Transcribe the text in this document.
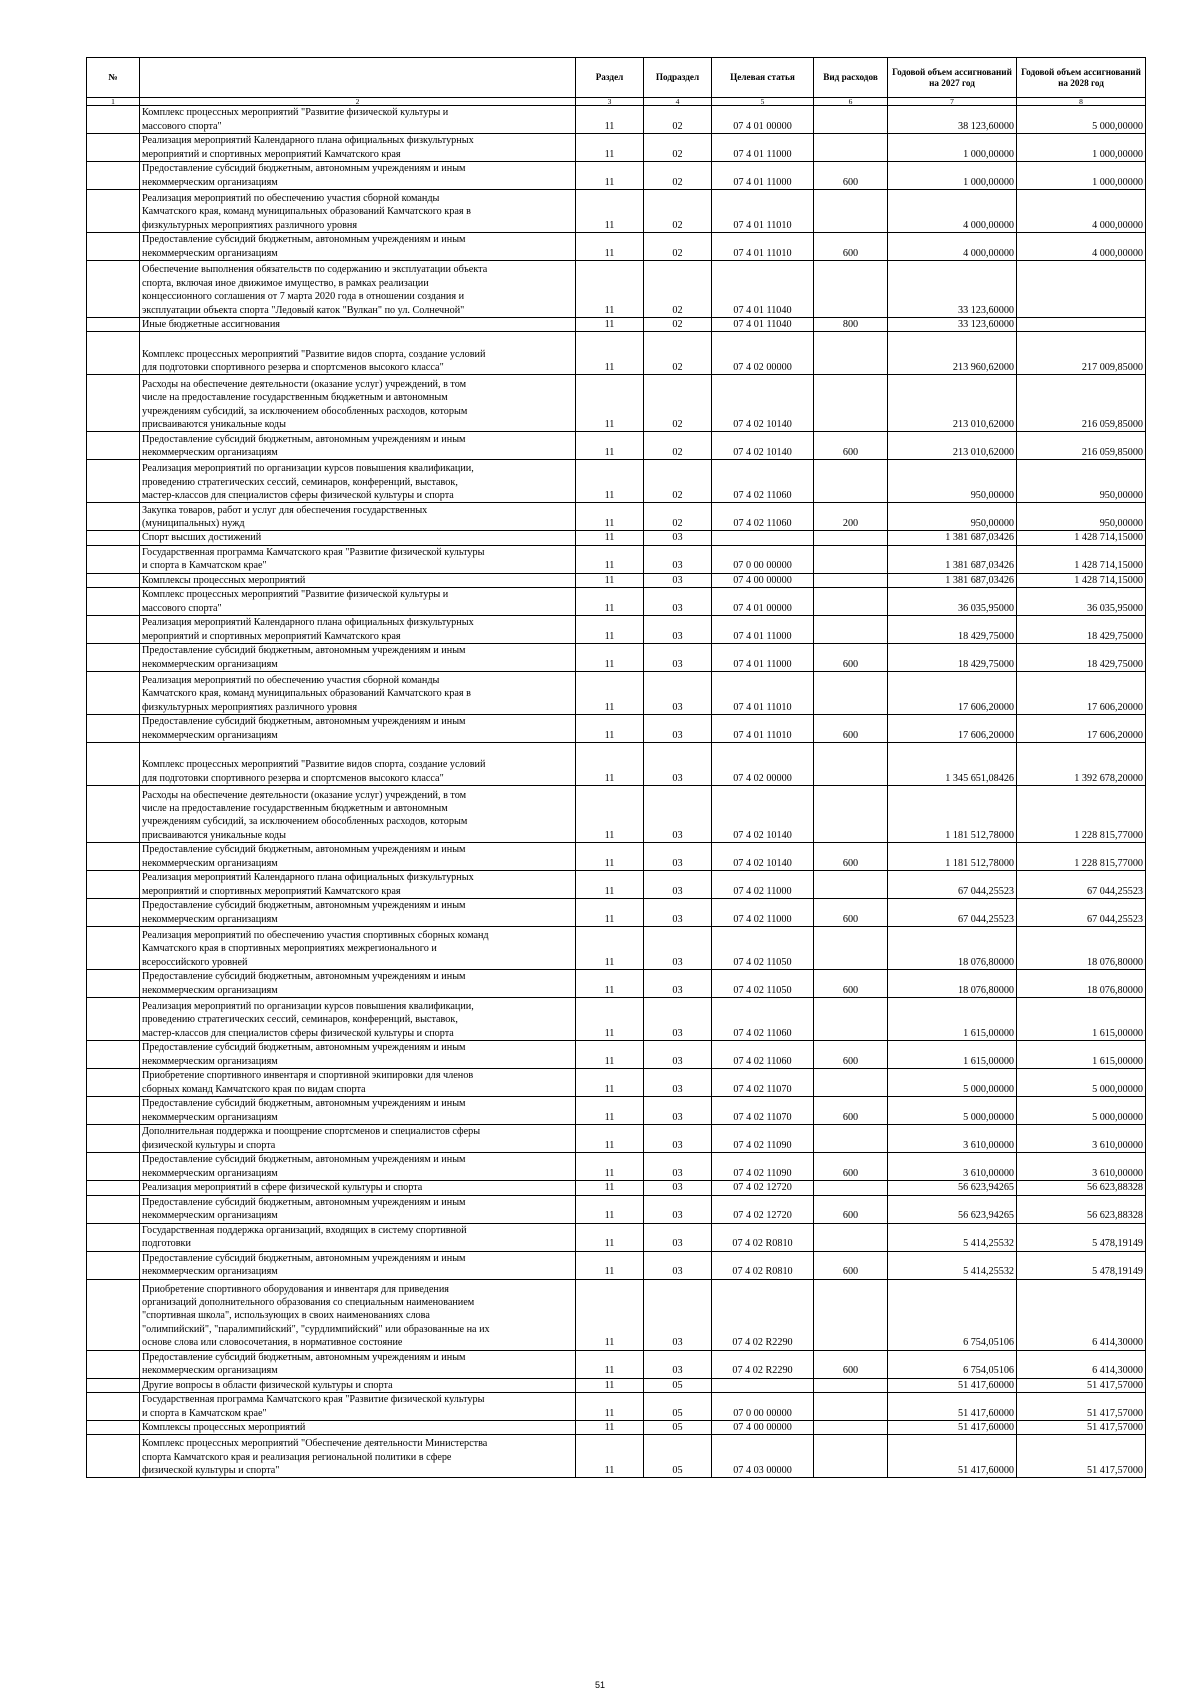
№		Раздел	Подраздел	Целевая статья	Вид расходов	Годовой объем ассигнований на 2027 год	Годовой объем ассигнований на 2028 год
1	2	3	4	5	6	7	8
	Комплекс процессных мероприятий "Развитие физической культуры и
массового спорта"	11	02	07 4 01 00000		38 123,60000	5 000,00000
	Реализация мероприятий Календарного плана официальных физкультурных
мероприятий и спортивных мероприятий Камчатского края	11	02	07 4 01 11000		1 000,00000	1 000,00000
	Предоставление субсидий бюджетным, автономным учреждениям и иным
некоммерческим организациям	11	02	07 4 01 11000	600	1 000,00000	1 000,00000
	Реализация мероприятий по обеспечению участия сборной команды
Камчатского края, команд муниципальных образований Камчатского края в
физкультурных мероприятиях различного уровня	11	02	07 4 01 11010		4 000,00000	4 000,00000
	Предоставление субсидий бюджетным, автономным учреждениям и иным
некоммерческим организациям	11	02	07 4 01 11010	600	4 000,00000	4 000,00000
	Обеспечение выполнения обязательств по содержанию и эксплуатации объекта
спорта, включая иное движимое имущество, в рамках реализации
концессионного соглашения от 7 марта 2020 года в отношении создания и
эксплуатации объекта спорта "Ледовый каток "Вулкан" по ул. Солнечной"	11	02	07 4 01 11040		33 123,60000	
	Иные бюджетные ассигнования	11	02	07 4 01 11040	800	33 123,60000	
	Комплекс процессных мероприятий "Развитие видов спорта, создание условий
для подготовки спортивного резерва и спортсменов высокого класса"	11	02	07 4 02 00000		213 960,62000	217 009,85000
	Расходы на обеспечение деятельности (оказание услуг) учреждений, в том
числе на предоставление государственным бюджетным и автономным
учреждениям субсидий, за исключением обособленных расходов, которым
присваиваются уникальные коды	11	02	07 4 02 10140		213 010,62000	216 059,85000
	Предоставление субсидий бюджетным, автономным учреждениям и иным
некоммерческим организациям	11	02	07 4 02 10140	600	213 010,62000	216 059,85000
	Реализация мероприятий по организации курсов повышения квалификации,
проведению стратегических сессий, семинаров, конференций, выставок,
мастер-классов для специалистов сферы физической культуры и спорта	11	02	07 4 02 11060		950,00000	950,00000
	Закупка товаров, работ и услуг для обеспечения государственных
(муниципальных) нужд	11	02	07 4 02 11060	200	950,00000	950,00000
	Спорт высших достижений	11	03			1 381 687,03426	1 428 714,15000
	Государственная программа Камчатского края "Развитие физической культуры
и спорта в Камчатском крае"	11	03	07 0 00 00000		1 381 687,03426	1 428 714,15000
	Комплексы процессных мероприятий	11	03	07 4 00 00000		1 381 687,03426	1 428 714,15000
	Комплекс процессных мероприятий "Развитие физической культуры и
массового спорта"	11	03	07 4 01 00000		36 035,95000	36 035,95000
	Реализация мероприятий Календарного плана официальных физкультурных
мероприятий и спортивных мероприятий Камчатского края	11	03	07 4 01 11000		18 429,75000	18 429,75000
	Предоставление субсидий бюджетным, автономным учреждениям и иным
некоммерческим организациям	11	03	07 4 01 11000	600	18 429,75000	18 429,75000
	Реализация мероприятий по обеспечению участия сборной команды
Камчатского края, команд муниципальных образований Камчатского края в
физкультурных мероприятиях различного уровня	11	03	07 4 01 11010		17 606,20000	17 606,20000
	Предоставление субсидий бюджетным, автономным учреждениям и иным
некоммерческим организациям	11	03	07 4 01 11010	600	17 606,20000	17 606,20000
	Комплекс процессных мероприятий "Развитие видов спорта, создание условий
для подготовки спортивного резерва и спортсменов высокого класса"	11	03	07 4 02 00000		1 345 651,08426	1 392 678,20000
	Расходы на обеспечение деятельности (оказание услуг) учреждений, в том
числе на предоставление государственным бюджетным и автономным
учреждениям субсидий, за исключением обособленных расходов, которым
присваиваются уникальные коды	11	03	07 4 02 10140		1 181 512,78000	1 228 815,77000
	Предоставление субсидий бюджетным, автономным учреждениям и иным
некоммерческим организациям	11	03	07 4 02 10140	600	1 181 512,78000	1 228 815,77000
	Реализация мероприятий Календарного плана официальных физкультурных
мероприятий и спортивных мероприятий Камчатского края	11	03	07 4 02 11000		67 044,25523	67 044,25523
	Предоставление субсидий бюджетным, автономным учреждениям и иным
некоммерческим организациям	11	03	07 4 02 11000	600	67 044,25523	67 044,25523
	Реализация мероприятий по обеспечению участия спортивных сборных команд
Камчатского края в спортивных мероприятиях межрегионального и
всероссийского уровней	11	03	07 4 02 11050		18 076,80000	18 076,80000
	Предоставление субсидий бюджетным, автономным учреждениям и иным
некоммерческим организациям	11	03	07 4 02 11050	600	18 076,80000	18 076,80000
	Реализация мероприятий по организации курсов повышения квалификации,
проведению стратегических сессий, семинаров, конференций, выставок,
мастер-классов для специалистов сферы физической культуры и спорта	11	03	07 4 02 11060		1 615,00000	1 615,00000
	Предоставление субсидий бюджетным, автономным учреждениям и иным
некоммерческим организациям	11	03	07 4 02 11060	600	1 615,00000	1 615,00000
	Приобретение спортивного инвентаря и спортивной экипировки для членов
сборных команд Камчатского края по видам спорта	11	03	07 4 02 11070		5 000,00000	5 000,00000
	Предоставление субсидий бюджетным, автономным учреждениям и иным
некоммерческим организациям	11	03	07 4 02 11070	600	5 000,00000	5 000,00000
	Дополнительная поддержка и поощрение спортсменов и специалистов сферы
физической культуры и спорта	11	03	07 4 02 11090		3 610,00000	3 610,00000
	Предоставление субсидий бюджетным, автономным учреждениям и иным
некоммерческим организациям	11	03	07 4 02 11090	600	3 610,00000	3 610,00000
	Реализация мероприятий в сфере физической культуры и спорта	11	03	07 4 02 12720		56 623,94265	56 623,88328
	Предоставление субсидий бюджетным, автономным учреждениям и иным
некоммерческим организациям	11	03	07 4 02 12720	600	56 623,94265	56 623,88328
	Государственная поддержка организаций, входящих в систему спортивной
подготовки	11	03	07 4 02 R0810		5 414,25532	5 478,19149
	Предоставление субсидий бюджетным, автономным учреждениям и иным
некоммерческим организациям	11	03	07 4 02 R0810	600	5 414,25532	5 478,19149
	Приобретение спортивного оборудования и инвентаря для приведения
организаций дополнительного образования со специальным наименованием
"спортивная школа", использующих в своих наименованиях слова
"олимпийский", "паралимпийский", "сурдлимпийский" или образованные на их
основе слова или словосочетания, в нормативное состояние	11	03	07 4 02 R2290		6 754,05106	6 414,30000
	Предоставление субсидий бюджетным, автономным учреждениям и иным
некоммерческим организациям	11	03	07 4 02 R2290	600	6 754,05106	6 414,30000
	Другие вопросы в области физической культуры и спорта	11	05			51 417,60000	51 417,57000
	Государственная программа Камчатского края "Развитие физической культуры
и спорта в Камчатском крае"	11	05	07 0 00 00000		51 417,60000	51 417,57000
	Комплексы процессных мероприятий	11	05	07 4 00 00000		51 417,60000	51 417,57000
	Комплекс процессных мероприятий "Обеспечение деятельности Министерства
спорта Камчатского края и реализация региональной политики в сфере
физической культуры и спорта"	11	05	07 4 03 00000		51 417,60000	51 417,57000
51
